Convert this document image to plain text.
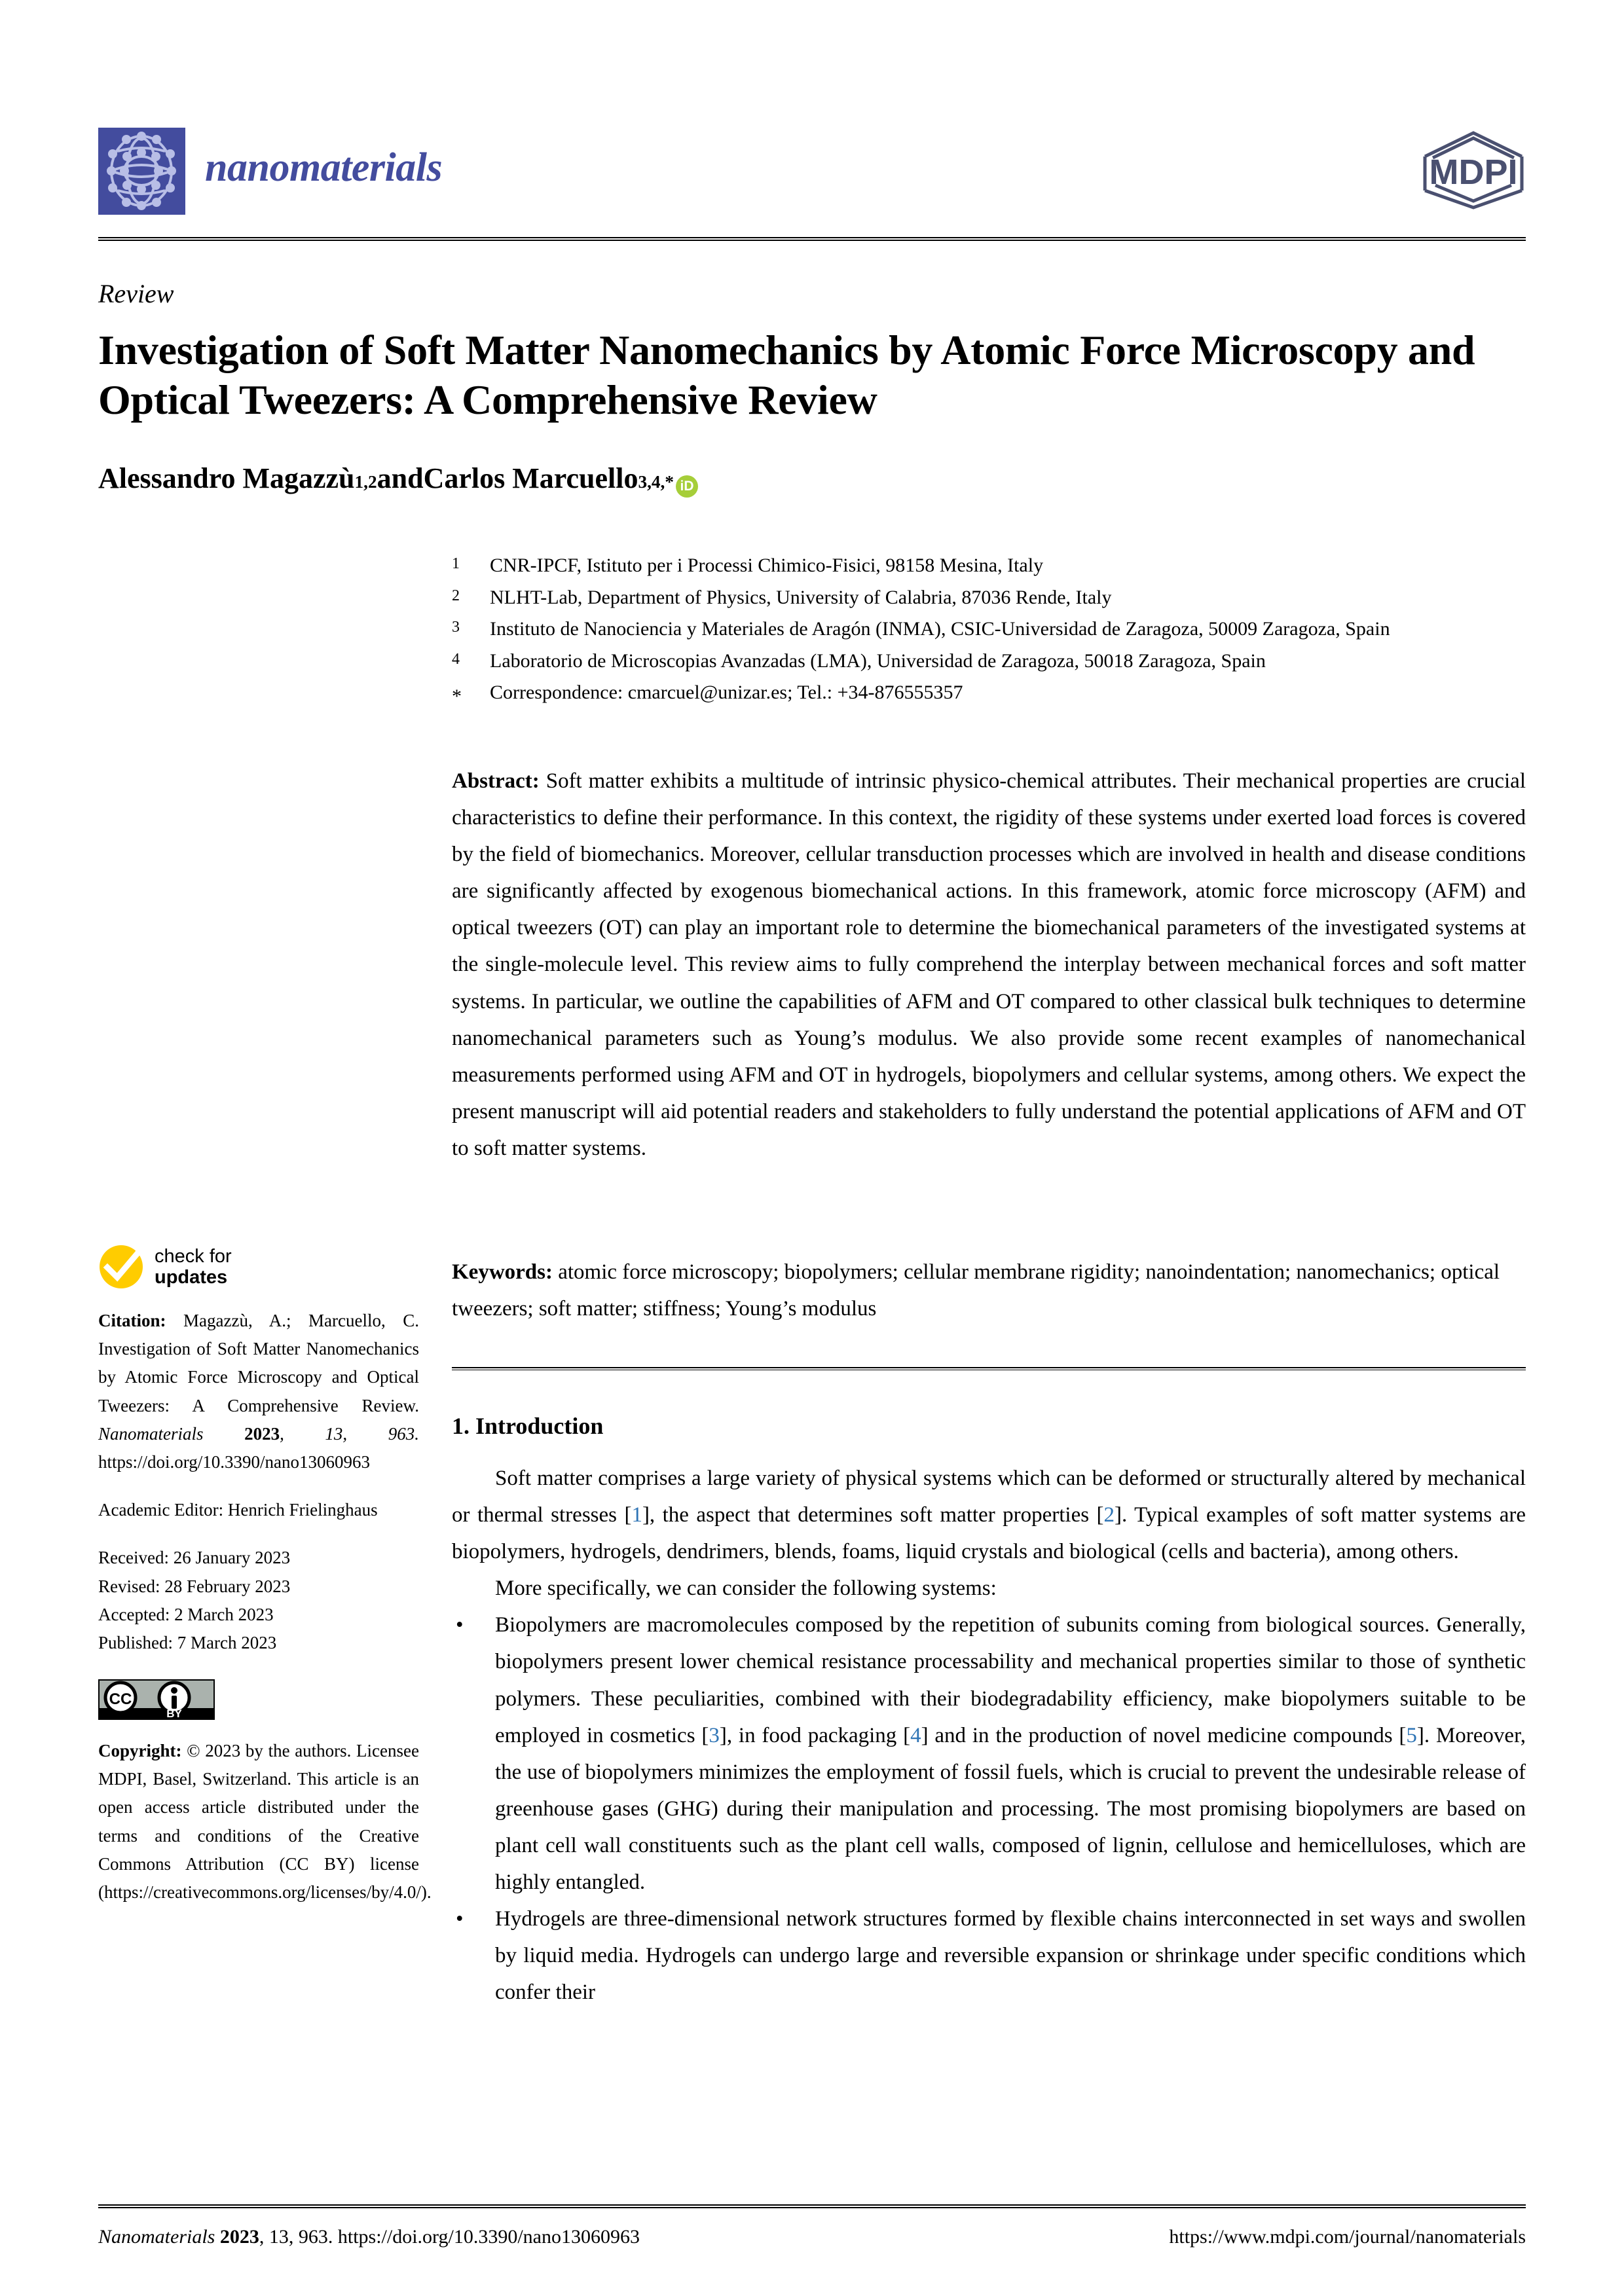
nanomaterials	MDPI
Review
Investigation of Soft Matter Nanomechanics by Atomic Force Microscopy and Optical Tweezers: A Comprehensive Review
Alessandro Magazzù 1,2 and Carlos Marcuello 3,4,* iD
1	CNR-IPCF, Istituto per i Processi Chimico-Fisici, 98158 Mesina, Italy
2	NLHT-Lab, Department of Physics, University of Calabria, 87036 Rende, Italy
3	Instituto de Nanociencia y Materiales de Aragón (INMA), CSIC-Universidad de Zaragoza, 50009 Zaragoza, Spain
4	Laboratorio de Microscopias Avanzadas (LMA), Universidad de Zaragoza, 50018 Zaragoza, Spain
*	Correspondence: cmarcuel@unizar.es; Tel.: +34-876555357
Abstract: Soft matter exhibits a multitude of intrinsic physico-chemical attributes. Their mechanical properties are crucial characteristics to define their performance. In this context, the rigidity of these systems under exerted load forces is covered by the field of biomechanics. Moreover, cellular transduction processes which are involved in health and disease conditions are significantly affected by exogenous biomechanical actions. In this framework, atomic force microscopy (AFM) and optical tweezers (OT) can play an important role to determine the biomechanical parameters of the investigated systems at the single-molecule level. This review aims to fully comprehend the interplay between mechanical forces and soft matter systems. In particular, we outline the capabilities of AFM and OT compared to other classical bulk techniques to determine nanomechanical parameters such as Young’s modulus. We also provide some recent examples of nanomechanical measurements performed using AFM and OT in hydrogels, biopolymers and cellular systems, among others. We expect the present manuscript will aid potential readers and stakeholders to fully understand the potential applications of AFM and OT to soft matter systems.
Keywords: atomic force microscopy; biopolymers; cellular membrane rigidity; nanoindentation; nanomechanics; optical tweezers; soft matter; stiffness; Young’s modulus
1. Introduction

Soft matter comprises a large variety of physical systems which can be deformed or structurally altered by mechanical or thermal stresses [1], the aspect that determines soft matter properties [2]. Typical examples of soft matter systems are biopolymers, hydrogels, dendrimers, blends, foams, liquid crystals and biological (cells and bacteria), among others.

More specifically, we can consider the following systems:

•	Biopolymers are macromolecules composed by the repetition of subunits coming from biological sources. Generally, biopolymers present lower chemical resistance processability and mechanical properties similar to those of synthetic polymers. These peculiarities, combined with their biodegradability efficiency, make biopolymers suitable to be employed in cosmetics [3], in food packaging [4] and in the production of novel medicine compounds [5]. Moreover, the use of biopolymers minimizes the employment of fossil fuels, which is crucial to prevent the undesirable release of greenhouse gases (GHG) during their manipulation and processing. The most promising biopolymers are based on plant cell wall constituents such as the plant cell walls, composed of lignin, cellulose and hemicelluloses, which are highly entangled.
•	Hydrogels are three-dimensional network structures formed by flexible chains interconnected in set ways and swollen by liquid media. Hydrogels can undergo large and reversible expansion or shrinkage under specific conditions which confer their
check for
updates
Citation: Magazzù, A.; Marcuello, C. Investigation of Soft Matter Nanomechanics by Atomic Force Microscopy and Optical Tweezers: A Comprehensive Review. Nanomaterials 2023, 13, 963. https://doi.org/10.3390/nano13060963
Academic Editor: Henrich Frielinghaus
Received: 26 January 2023
Revised: 28 February 2023
Accepted: 2 March 2023
Published: 7 March 2023
CC
BY
Copyright: © 2023 by the authors. Licensee MDPI, Basel, Switzerland. This article is an open access article distributed under the terms and conditions of the Creative Commons Attribution (CC BY) license (https://creativecommons.org/licenses/by/4.0/).
Nanomaterials 2023, 13, 963. https://doi.org/10.3390/nano13060963	https://www.mdpi.com/journal/nanomaterials
